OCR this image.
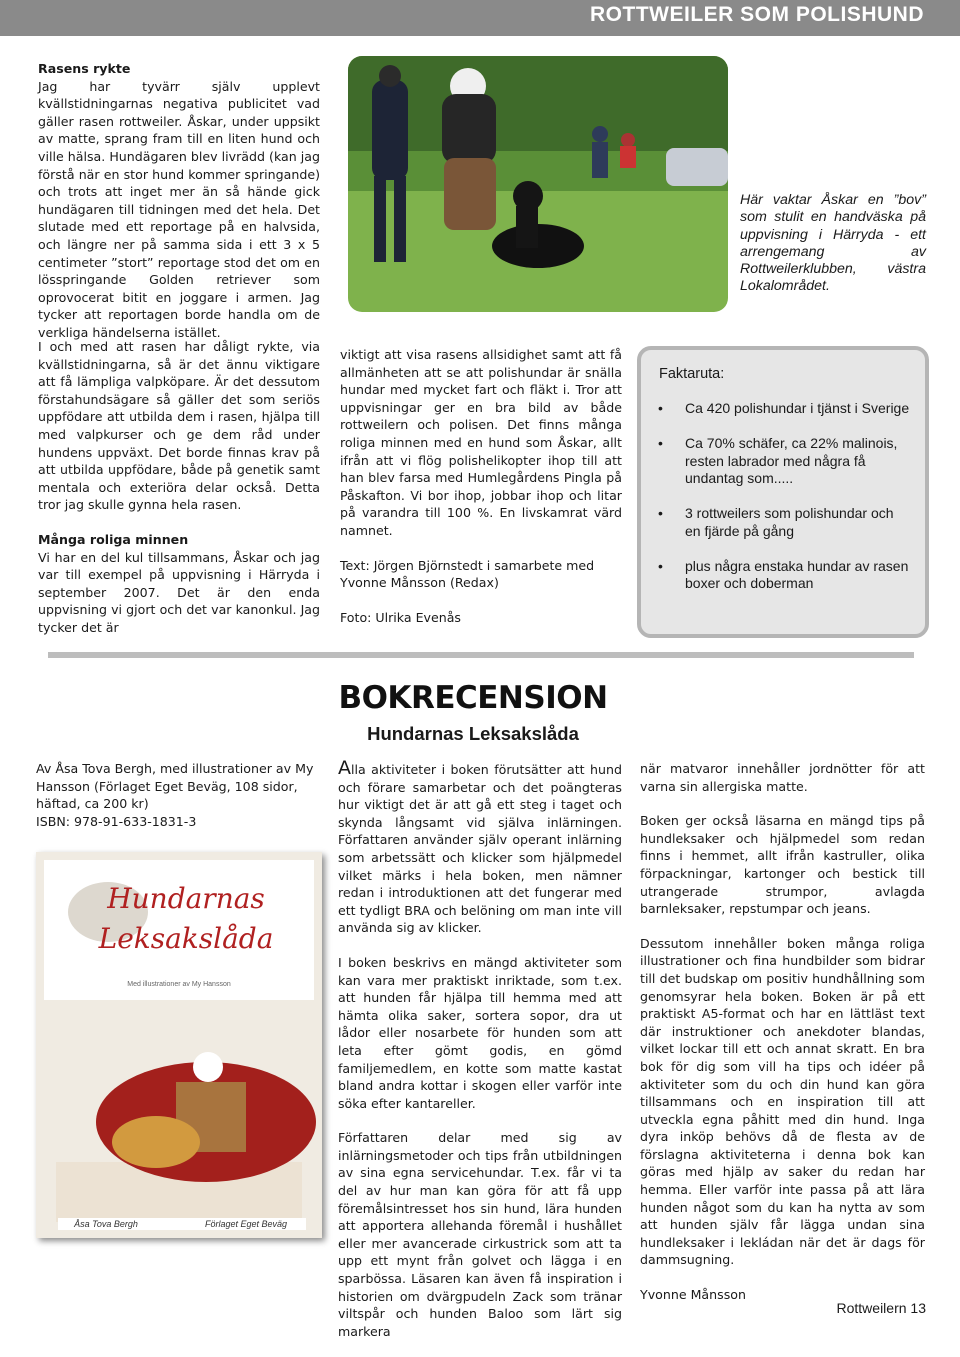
ROTTWEILER SOM POLISHUND

Rasens rykte

Jag har tyvärr själv upplevt kvällstidningarnas negativa publicitet vad gäller rasen rottweiler. Åskar, under uppsikt av matte, sprang fram till en liten hund och ville hälsa. Hundägaren blev livrädd (kan jag förstå när en stor hund kommer springande) och trots att inget mer än så hände gick hundägaren till tidningen med det hela. Det slutade med ett reportage på en halvsida, och längre ner på samma sida i ett 3 x 5 centimeter ”stort” reportage stod det om en lösspringande Golden retriever som oprovocerat bitit en joggare i armen. Jag tycker att reportagen borde handla om de verkliga händelserna istället.

Här vaktar Åskar en ”bov” som stulit en handväska på uppvisning i Härryda - ett arrengemang av Rottweilerklubben, västra Lokalområdet.

I och med att rasen har dåligt rykte, via kvällstidningarna, så är det ännu viktigare att få lämpliga valpköpare. Är det dessutom förstahundsägare så gäller det som seriös uppfödare att utbilda dem i rasen, hjälpa till med valpkurser och ge dem råd under hundens uppväxt. Det borde finnas krav på att utbilda uppfödare, både på genetik samt mentala och exteriöra delar också. Detta tror jag skulle gynna hela rasen.

Många roliga minnen

Vi har en del kul tillsammans, Åskar och jag var till exempel på uppvisning i Härryda i september 2007. Det är den enda uppvisning vi gjort och det var kanonkul. Jag tycker det är

viktigt att visa rasens allsidighet samt att få allmänheten att se att polishundar är snälla hundar med mycket fart och fläkt i. Tror att uppvisningar ger en bra bild av både rottweilern och polisen. Det finns många roliga minnen med en hund som Åskar, allt ifrån att vi flög polishelikopter ihop till att han blev farsa med Humlegårdens Pingla på Påskafton. Vi bor ihop, jobbar ihop och litar på varandra till 100 %. En livskamrat värd namnet.

Text: Jörgen Björnstedt i samarbete med Yvonne Månsson (Redax)

Foto: Ulrika Evenås

Faktaruta:
• Ca 420 polishundar i tjänst i Sverige
• Ca 70% schäfer, ca 22% malinois, resten labrador med några få undantag som.....
• 3 rottweilers som polishundar och en fjärde på gång
• plus några enstaka hundar av rasen boxer och doberman
BOKRECENSION
Hundarnas Leksakslåda

Av Åsa Tova Bergh, med illustrationer av My Hansson (Förlaget Eget Beväg, 108 sidor, häftad, ca 200 kr)

ISBN: 978-91-633-1831-3

Hundarnas
Leksakslåda
Med illustrationer av My Hansson
Åsa Tova Bergh	Förlaget Eget Beväg

Alla aktiviteter i boken förutsätter att hund och förare samarbetar och det poängteras hur viktigt det är att gå ett steg i taget och skynda långsamt vid själva inlärningen. Författaren använder själv operant inlärning som arbetssätt och klicker som hjälpmedel vilket märks i hela boken, men nämner redan i introduktionen att det fungerar med ett tydligt BRA och belöning om man inte vill använda sig av klicker.

I boken beskrivs en mängd aktiviteter som kan vara mer praktiskt inriktade, som t.ex. att hunden får hjälpa till hemma med att hämta olika saker, sortera sopor, dra ut lådor eller nosarbete för hunden som att leta efter gömt godis, en gömd familjemedlem, en kotte som matte kastat bland andra kottar i skogen eller varför inte söka efter kantareller.

Författaren delar med sig av inlärningsmetoder och tips från utbildningen av sina egna servicehundar. T.ex. får vi ta del av hur man kan göra för att få upp föremålsintresset hos sin hund, lära hunden att apportera allehanda föremål i hushållet eller mer avancerade cirkustrick som att ta upp ett mynt från golvet och lägga i en sparbössa. Läsaren kan även få inspiration i historien om dvärgpudeln Zack som tränar viltspår och hunden Baloo som lärt sig markera

när matvaror innehåller jordnötter för att varna sin allergiska matte.

Boken ger också läsarna en mängd tips på hundleksaker och hjälpmedel som redan finns i hemmet, allt ifrån kastruller, olika förpackningar, kartonger och bestick till utrangerade strumpor, avlagda barnleksaker, repstumpar och jeans.

Dessutom innehåller boken många roliga illustrationer och fina hundbilder som bidrar till det budskap om positiv hundhållning som genomsyrar hela boken. Boken är på ett praktiskt A5-format och har en lättläst text där instruktioner och anekdoter blandas, vilket lockar till ett och annat skratt. En bra bok för dig som vill ha tips och idéer på aktiviteter som du och din hund kan göra tillsammans och en inspiration till att utveckla egna påhitt med din hund. Inga dyra inköp behövs då de flesta av de förslagna aktiviteterna i denna bok kan göras med hjälp av saker du redan har hemma. Eller varför inte passa på att lära hunden något som du kan ha nytta av som att hunden själv får lägga undan sina hundleksaker i lekládan när det är dags för dammsugning.

Yvonne Månsson

Rottweilern 13
